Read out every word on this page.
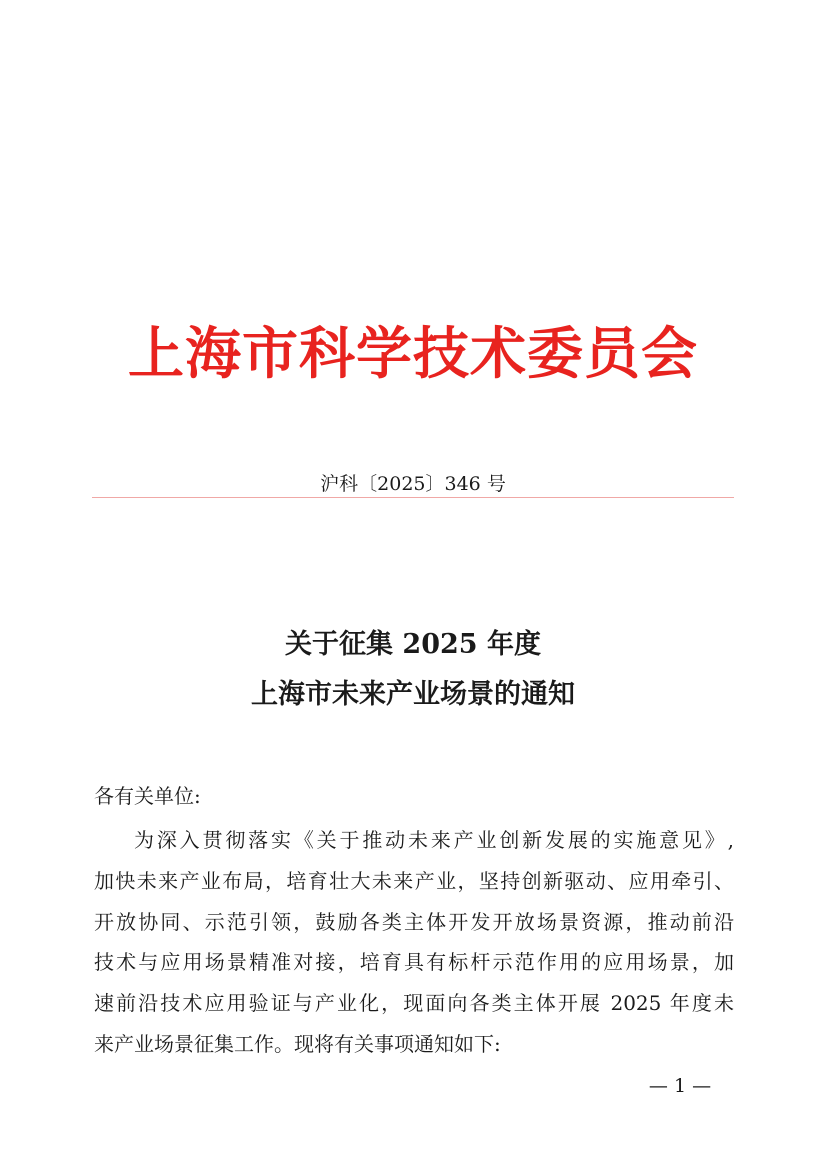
上海市科学技术委员会

沪科〔2025〕346 号

关于征集 2025 年度
上海市未来产业场景的通知

各有关单位:

为深入贯彻落实《关于推动未来产业创新发展的实施意见》,
加快未来产业布局，培育壮大未来产业，坚持创新驱动、应用牵引、
开放协同、示范引领，鼓励各类主体开发开放场景资源，推动前沿
技术与应用场景精准对接，培育具有标杆示范作用的应用场景，加
速前沿技术应用验证与产业化，现面向各类主体开展 2025 年度未
来产业场景征集工作。现将有关事项通知如下:

— 1 —
